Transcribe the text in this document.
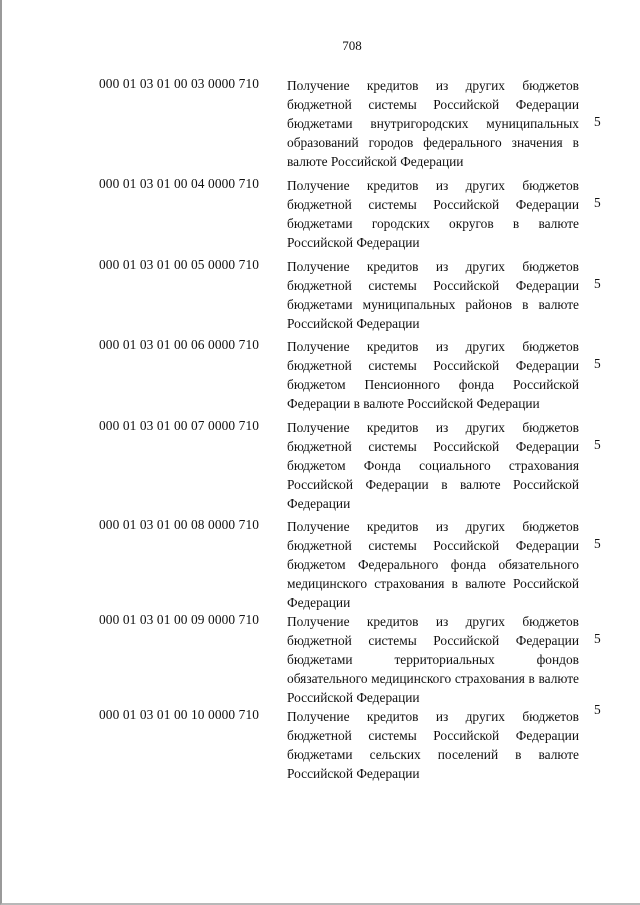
708
000 01 03 01 00 03 0000 710 Получение кредитов из других бюджетов бюджетной системы Российской Федерации бюджетами внутригородских муниципальных образований городов федерального значения в валюте Российской Федерации
5
000 01 03 01 00 04 0000 710 Получение кредитов из других бюджетов бюджетной системы Российской Федерации бюджетами городских округов в валюте Российской Федерации
5
000 01 03 01 00 05 0000 710 Получение кредитов из других бюджетов бюджетной системы Российской Федерации бюджетами муниципальных районов в валюте Российской Федерации
5
000 01 03 01 00 06 0000 710 Получение кредитов из других бюджетов бюджетной системы Российской Федерации бюджетом Пенсионного фонда Российской Федерации в валюте Российской Федерации
5
000 01 03 01 00 07 0000 710 Получение кредитов из других бюджетов бюджетной системы Российской Федерации бюджетом Фонда социального страхования Российской Федерации в валюте Российской Федерации
5
000 01 03 01 00 08 0000 710 Получение кредитов из других бюджетов бюджетной системы Российской Федерации бюджетом Федерального фонда обязательного медицинского страхования в валюте Российской Федерации
5
000 01 03 01 00 09 0000 710 Получение кредитов из других бюджетов бюджетной системы Российской Федерации бюджетами территориальных фондов обязательного медицинского страхования в валюте Российской Федерации
5
000 01 03 01 00 10 0000 710 Получение кредитов из других бюджетов бюджетной системы Российской Федерации бюджетами сельских поселений в валюте Российской Федерации
5
